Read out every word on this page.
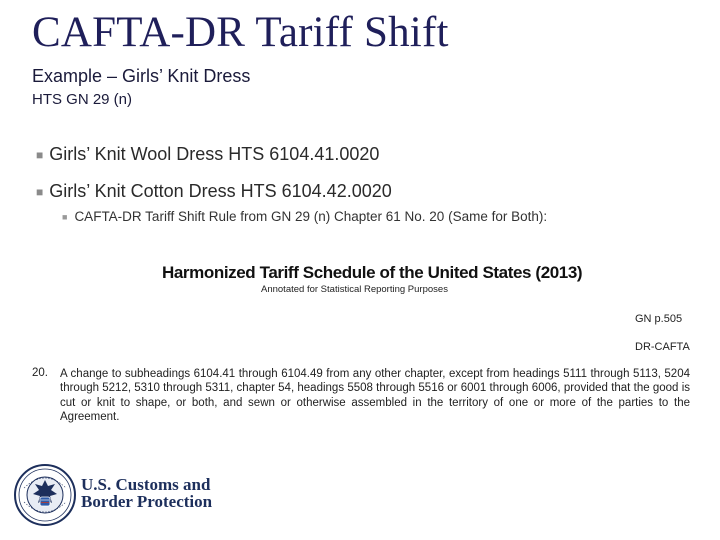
CAFTA-DR Tariff Shift
Example – Girls’ Knit Dress
HTS GN 29 (n)
■ Girls’ Knit Wool Dress HTS 6104.41.0020
■ Girls’ Knit Cotton Dress HTS 6104.42.0020
■ CAFTA-DR Tariff Shift Rule from GN 29 (n) Chapter 61 No. 20 (Same for Both):
Harmonized Tariff Schedule of the United States (2013)
Annotated for Statistical Reporting Purposes
GN p.505
DR-CAFTA
20. A change to subheadings 6104.41 through 6104.49 from any other chapter, except from headings 5111 through 5113, 5204 through 5212, 5310 through 5311, chapter 54, headings 5508 through 5516 or 6001 through 6006, provided that the good is cut or knit to shape, or both, and sewn or otherwise assembled in the territory of one or more of the parties to the Agreement.
U.S. Customs and
Border Protection
